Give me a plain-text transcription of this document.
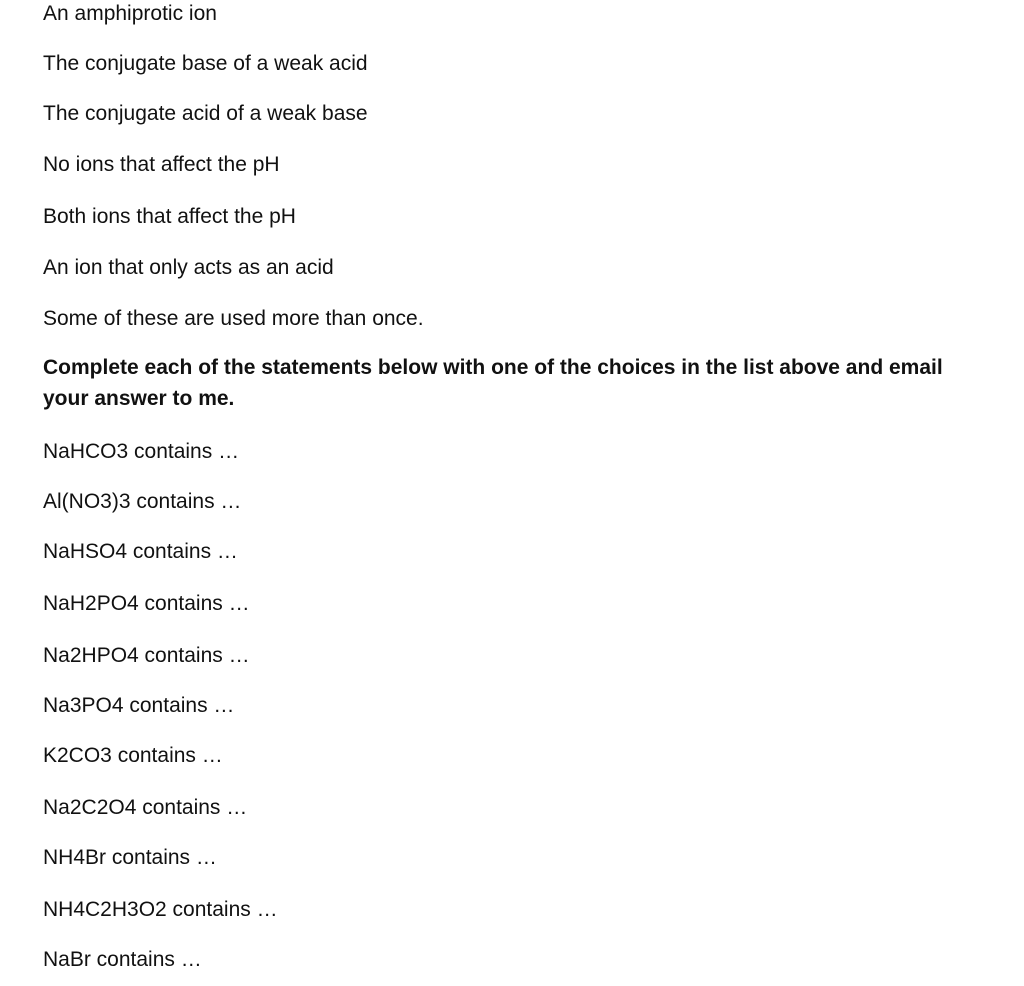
An amphiprotic ion
The conjugate base of a weak acid
The conjugate acid of a weak base
No ions that affect the pH
Both ions that affect the pH
An ion that only acts as an acid
Some of these are used more than once.
Complete each of the statements below with one of the choices in the list above and email your answer to me.
NaHCO3 contains …
Al(NO3)3 contains …
NaHSO4 contains …
NaH2PO4 contains …
Na2HPO4 contains …
Na3PO4 contains …
K2CO3 contains …
Na2C2O4 contains …
NH4Br contains …
NH4C2H3O2 contains …
NaBr contains …
